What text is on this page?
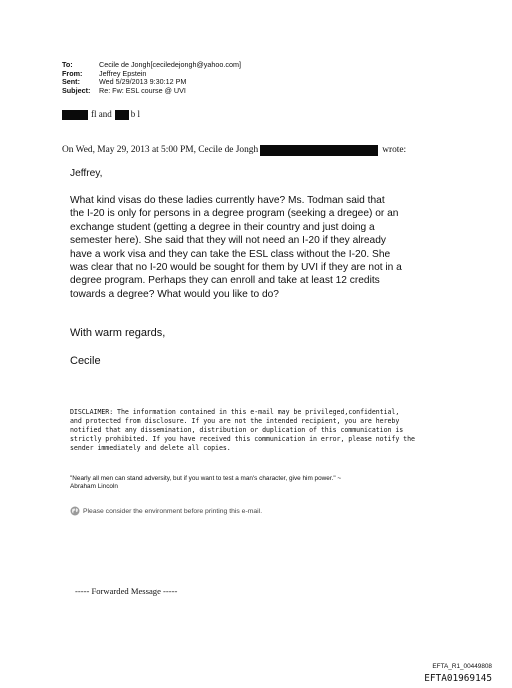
To:	Cecile de Jongh[ceciledejongh@yahoo.com]
From:	Jeffrey Epstein
Sent:	Wed 5/29/2013 9:30:12 PM
Subject:	Re: Fw: ESL course @ UVI
fl and b l
On Wed, May 29, 2013 at 5:00 PM, Cecile de Jongh	wrote:
Jeffrey,
What kind visas do these ladies currently have? Ms. Todman said that
the I-20 is only for persons in a degree program (seeking a dregee) or an
exchange student (getting a degree in their country and just doing a
semester here). She said that they will not need an I-20 if they already
have a work visa and they can take the ESL class without the I-20. She
was clear that no I-20 would be sought for them by UVI if they are not in a
degree program. Perhaps they can enroll and take at least 12 credits
towards a degree? What would you like to do?
With warm regards,
Cecile
DISCLAIMER: The information contained in this e-mail may be privileged,confidential,
and protected from disclosure. If you are not the intended recipient, you are hereby
notified that any dissemination, distribution or duplication of this communication is
strictly prohibited. If you have received this communication in error, please notify the
sender immediately and delete all copies.
"Nearly all men can stand adversity, but if you want to test a man's character, give him power." ~
Abraham Lincoln
Please consider the environment before printing this e-mail.
----- Forwarded Message -----
EFTA_R1_00449808
EFTA01969145
